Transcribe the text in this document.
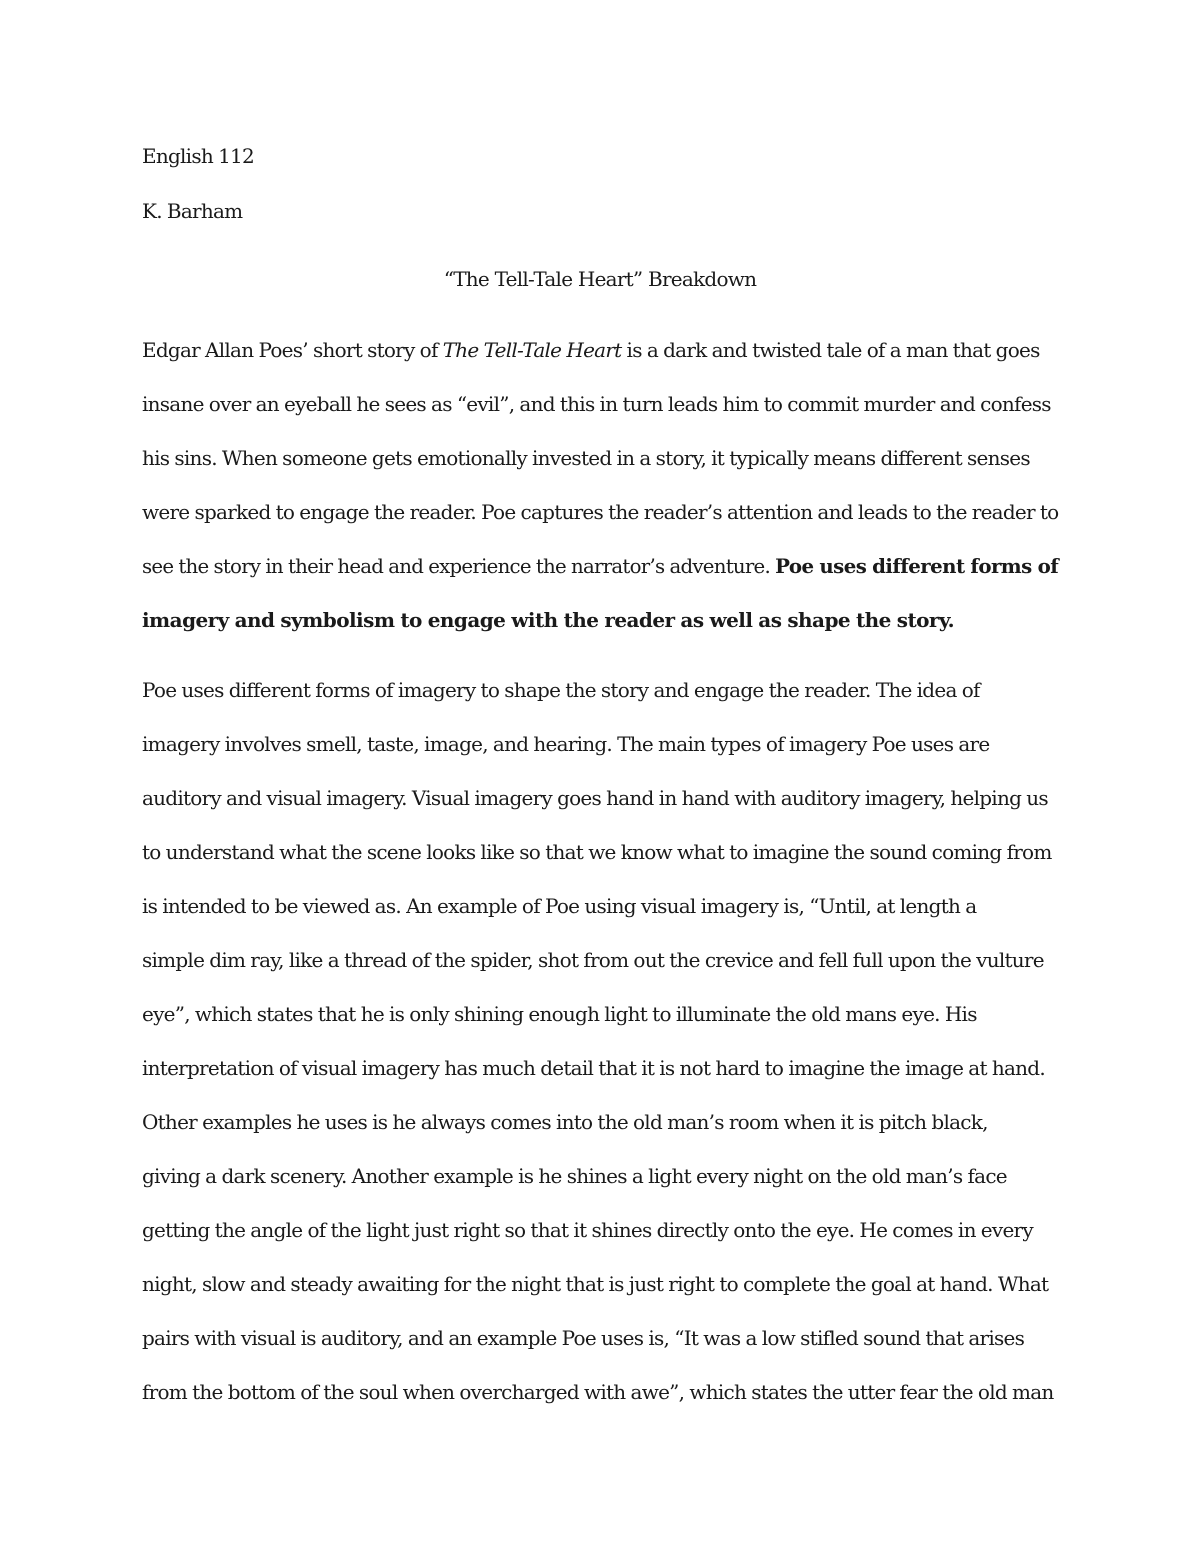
English 112
K. Barham
“The Tell-Tale Heart” Breakdown
Edgar Allan Poes’ short story of The Tell-Tale Heart is a dark and twisted tale of a man that goes
insane over an eyeball he sees as “evil”, and this in turn leads him to commit murder and confess
his sins. When someone gets emotionally invested in a story, it typically means different senses
were sparked to engage the reader. Poe captures the reader’s attention and leads to the reader to
see the story in their head and experience the narrator’s adventure. Poe uses different forms of
imagery and symbolism to engage with the reader as well as shape the story.
Poe uses different forms of imagery to shape the story and engage the reader. The idea of
imagery involves smell, taste, image, and hearing. The main types of imagery Poe uses are
auditory and visual imagery. Visual imagery goes hand in hand with auditory imagery, helping us
to understand what the scene looks like so that we know what to imagine the sound coming from
is intended to be viewed as. An example of Poe using visual imagery is, “Until, at length a
simple dim ray, like a thread of the spider, shot from out the crevice and fell full upon the vulture
eye”, which states that he is only shining enough light to illuminate the old mans eye. His
interpretation of visual imagery has much detail that it is not hard to imagine the image at hand.
Other examples he uses is he always comes into the old man’s room when it is pitch black,
giving a dark scenery. Another example is he shines a light every night on the old man’s face
getting the angle of the light just right so that it shines directly onto the eye. He comes in every
night, slow and steady awaiting for the night that is just right to complete the goal at hand. What
pairs with visual is auditory, and an example Poe uses is, “It was a low stifled sound that arises
from the bottom of the soul when overcharged with awe”, which states the utter fear the old man
